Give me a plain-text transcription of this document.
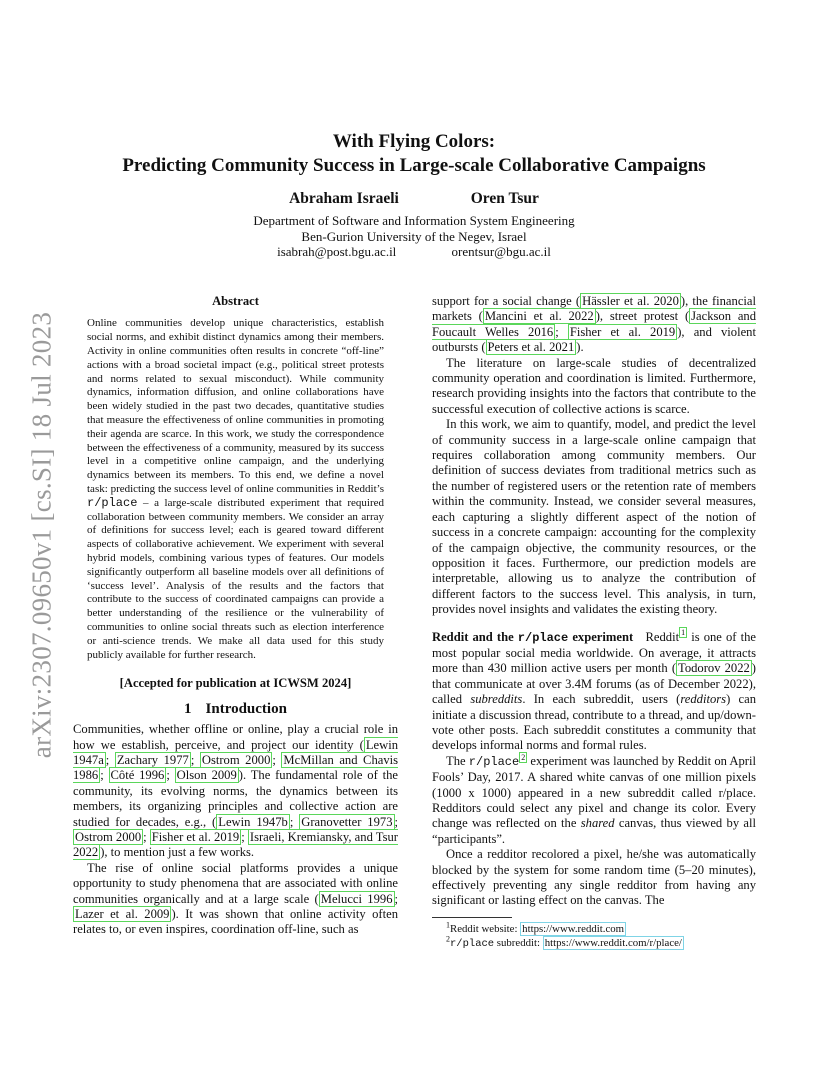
arXiv:2307.09650v1 [cs.SI] 18 Jul 2023
With Flying Colors:
Predicting Community Success in Large-scale Collaborative Campaigns
Abraham Israeli	Oren Tsur
Department of Software and Information System Engineering
Ben-Gurion University of the Negev, Israel
isabrah@post.bgu.ac.il	orentsur@bgu.ac.il
Abstract
Online communities develop unique characteristics, establish social norms, and exhibit distinct dynamics among their members. Activity in online communities often results in concrete “off-line” actions with a broad societal impact (e.g., political street protests and norms related to sexual misconduct). While community dynamics, information diffusion, and online collaborations have been widely studied in the past two decades, quantitative studies that measure the effectiveness of online communities in promoting their agenda are scarce. In this work, we study the correspondence between the effectiveness of a community, measured by its success level in a competitive online campaign, and the underlying dynamics between its members. To this end, we define a novel task: predicting the success level of online communities in Reddit’s r/place – a large-scale distributed experiment that required collaboration between community members. We consider an array of definitions for success level; each is geared toward different aspects of collaborative achievement. We experiment with several hybrid models, combining various types of features. Our models significantly outperform all baseline models over all definitions of ‘success level’. Analysis of the results and the factors that contribute to the success of coordinated campaigns can provide a better understanding of the resilience or the vulnerability of communities to online social threats such as election interference or anti-science trends. We make all data used for this study publicly available for further research.
[Accepted for publication at ICWSM 2024]
1 Introduction

Communities, whether offline or online, play a crucial role in how we establish, perceive, and project our identity ( Lewin 1947a ; Zachary 1977 ; Ostrom 2000 ; McMillan and Chavis 1986 ; Côté 1996 ; Olson 2009 ). The fundamental role of the community, its evolving norms, the dynamics between its members, its organizing principles and collective action are studied for decades, e.g., ( Lewin 1947b ; Granovetter 1973 ; Ostrom 2000 ; Fisher et al. 2019 ; Israeli, Kremiansky, and Tsur 2022 ), to mention just a few works.

The rise of online social platforms provides a unique opportunity to study phenomena that are associated with online communities organically and at a large scale ( Melucci 1996 ; Lazer et al. 2009 ). It was shown that online activity often relates to, or even inspires, coordination off-line, such as

support for a social change ( Hässler et al. 2020 ), the financial markets ( Mancini et al. 2022 ), street protest ( Jackson and Foucault Welles 2016 ; Fisher et al. 2019 ), and violent outbursts ( Peters et al. 2021 ).

The literature on large-scale studies of decentralized community operation and coordination is limited. Furthermore, research providing insights into the factors that contribute to the successful execution of collective actions is scarce.

In this work, we aim to quantify, model, and predict the level of community success in a large-scale online campaign that requires collaboration among community members. Our definition of success deviates from traditional metrics such as the number of registered users or the retention rate of members within the community. Instead, we consider several measures, each capturing a slightly different aspect of the notion of success in a concrete campaign: accounting for the complexity of the campaign objective, the community resources, or the opposition it faces. Furthermore, our prediction models are interpretable, allowing us to analyze the contribution of different factors to the success level. This analysis, in turn, provides novel insights and validates the existing theory.

Reddit and the r/place experiment Reddit $^1$ is one of the most popular social media worldwide. On average, it attracts more than 430 million active users per month ( Todorov 2022 ) that communicate at over 3.4M forums (as of December 2022), called subreddits. In each subreddit, users (redditors) can initiate a discussion thread, contribute to a thread, and up/down-vote other posts. Each subreddit constitutes a community that develops informal norms and formal rules.

The r/place $^2$ experiment was launched by Reddit on April Fools’ Day, 2017. A shared white canvas of one million pixels (1000 x 1000) appeared in a new subreddit called r/place. Redditors could select any pixel and change its color. Every change was reflected on the shared canvas, thus viewed by all “participants”.

Once a redditor recolored a pixel, he/she was automatically blocked by the system for some random time (5–20 minutes), effectively preventing any single redditor from having any significant or lasting effect on the canvas. The

$^1$Reddit website: https://www.reddit.com

$^2$r/place subreddit: https://www.reddit.com/r/place/
